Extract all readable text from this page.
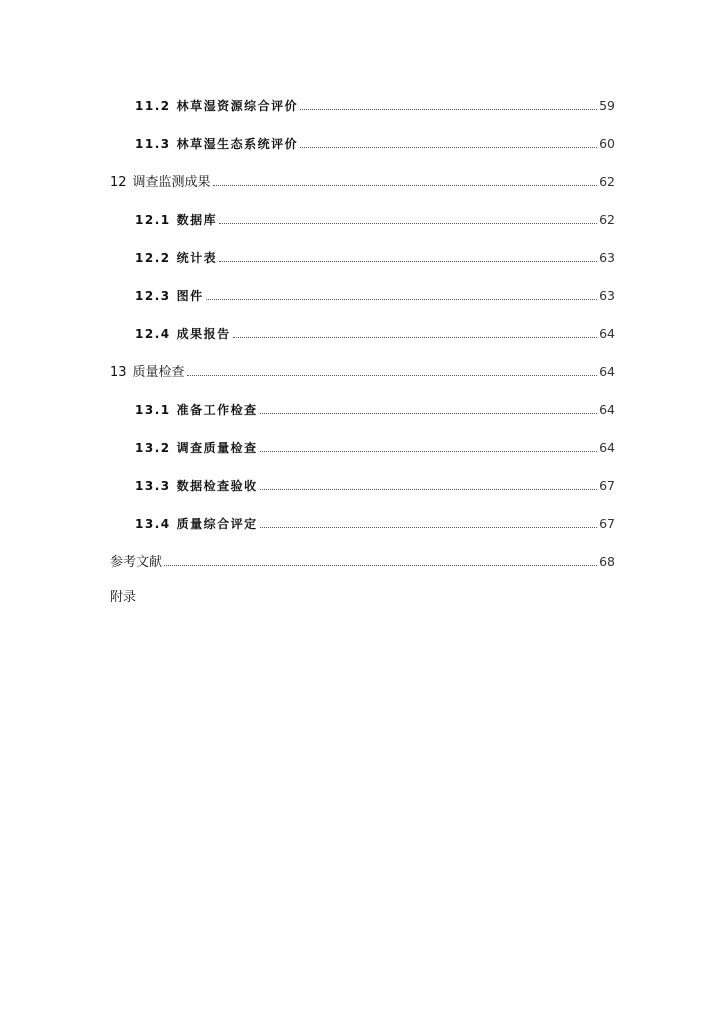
11.2 林草湿资源综合评价	59
11.3 林草湿生态系统评价	60
12 调查监测成果	62
12.1 数据库	62
12.2 统计表	63
12.3 图件	63
12.4 成果报告	64
13 质量检查	64
13.1 准备工作检查	64
13.2 调查质量检查	64
13.3 数据检查验收	67
13.4 质量综合评定	67
参考文献	68
附录
